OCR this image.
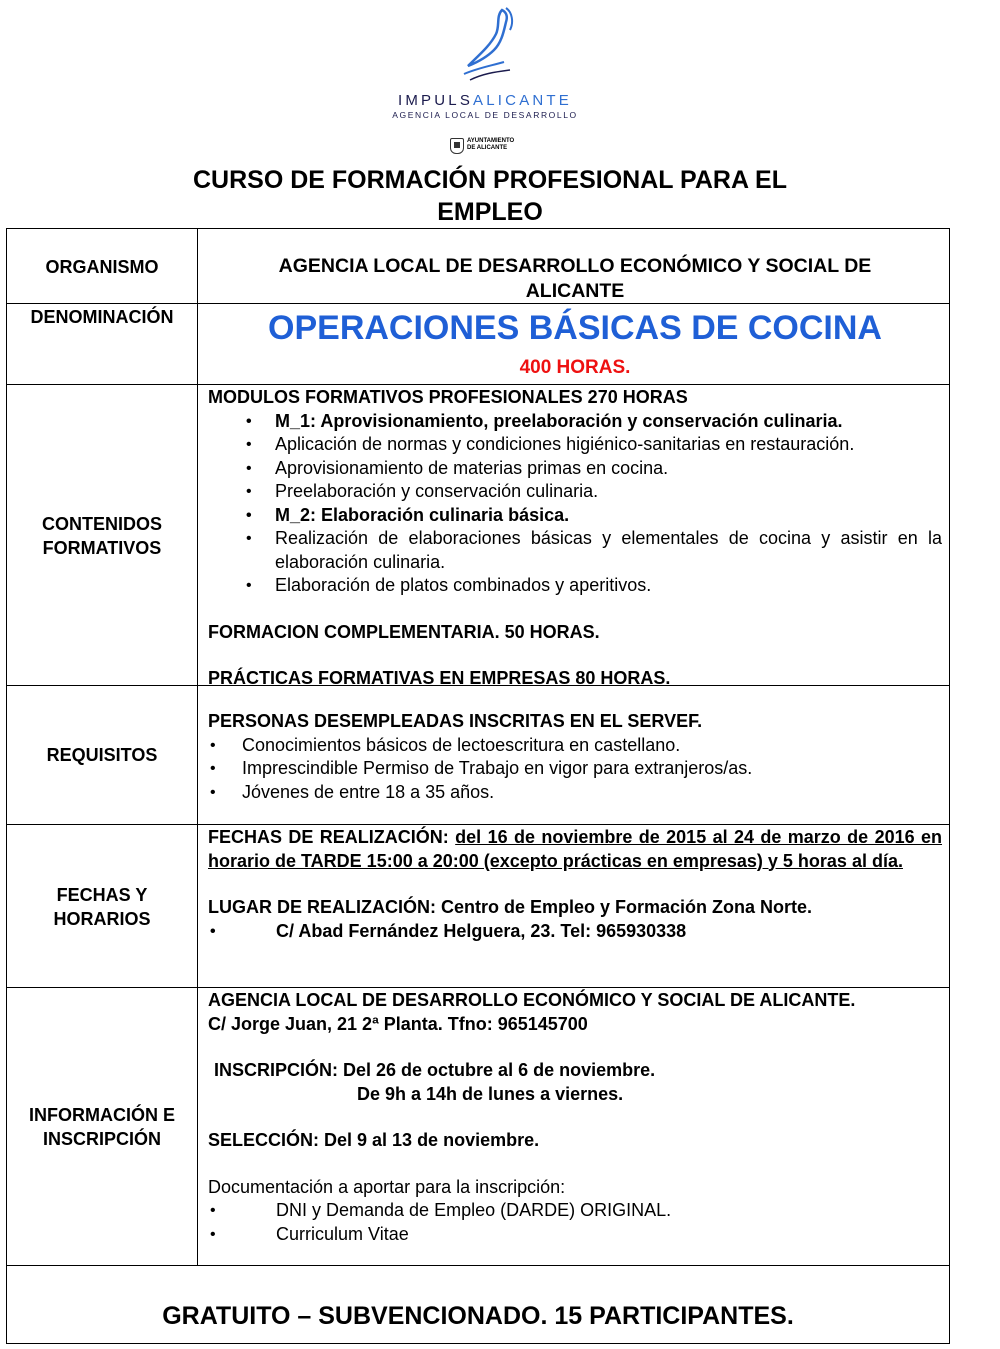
IMPULSALICANTE
AGENCIA LOCAL DE DESARROLLO
AYUNTAMIENTO
DE ALICANTE
CURSO DE FORMACIÓN PROFESIONAL PARA EL
EMPLEO
ORGANISMO	AGENCIA LOCAL DE DESARROLLO ECONÓMICO Y SOCIAL DE
ALICANTE
DENOMINACIÓN	OPERACIONES BÁSICAS DE COCINA
400 HORAS.
CONTENIDOS
FORMATIVOS
MODULOS FORMATIVOS PROFESIONALES 270 HORAS
• M_1: Aprovisionamiento, preelaboración y conservación culinaria.
• Aplicación de normas y condiciones higiénico-sanitarias en restauración.
• Aprovisionamiento de materias primas en cocina.
• Preelaboración y conservación culinaria.
• M_2: Elaboración culinaria básica.
• Realización de elaboraciones básicas y elementales de cocina y asistir en la elaboración culinaria.
• Elaboración de platos combinados y aperitivos.
FORMACION COMPLEMENTARIA. 50 HORAS.
PRÁCTICAS FORMATIVAS EN EMPRESAS 80 HORAS.
REQUISITOS
PERSONAS DESEMPLEADAS INSCRITAS EN EL SERVEF.
• Conocimientos básicos de lectoescritura en castellano.
• Imprescindible Permiso de Trabajo en vigor para extranjeros/as.
• Jóvenes de entre 18 a 35 años.
FECHAS Y
HORARIOS
FECHAS DE REALIZACIÓN: del 16 de noviembre de 2015 al 24 de marzo de 2016 en horario de TARDE 15:00 a 20:00 (excepto prácticas en empresas) y 5 horas al día.
LUGAR DE REALIZACIÓN: Centro de Empleo y Formación Zona Norte.
• C/ Abad Fernández Helguera, 23. Tel: 965930338
INFORMACIÓN E
INSCRIPCIÓN
AGENCIA LOCAL DE DESARROLLO ECONÓMICO Y SOCIAL DE ALICANTE.
C/ Jorge Juan, 21 2ª Planta. Tfno: 965145700
INSCRIPCIÓN: Del 26 de octubre al 6 de noviembre.
De 9h a 14h de lunes a viernes.
SELECCIÓN: Del 9 al 13 de noviembre.
Documentación a aportar para la inscripción:
• DNI y Demanda de Empleo (DARDE) ORIGINAL.
• Curriculum Vitae
GRATUITO – SUBVENCIONADO. 15 PARTICIPANTES.
